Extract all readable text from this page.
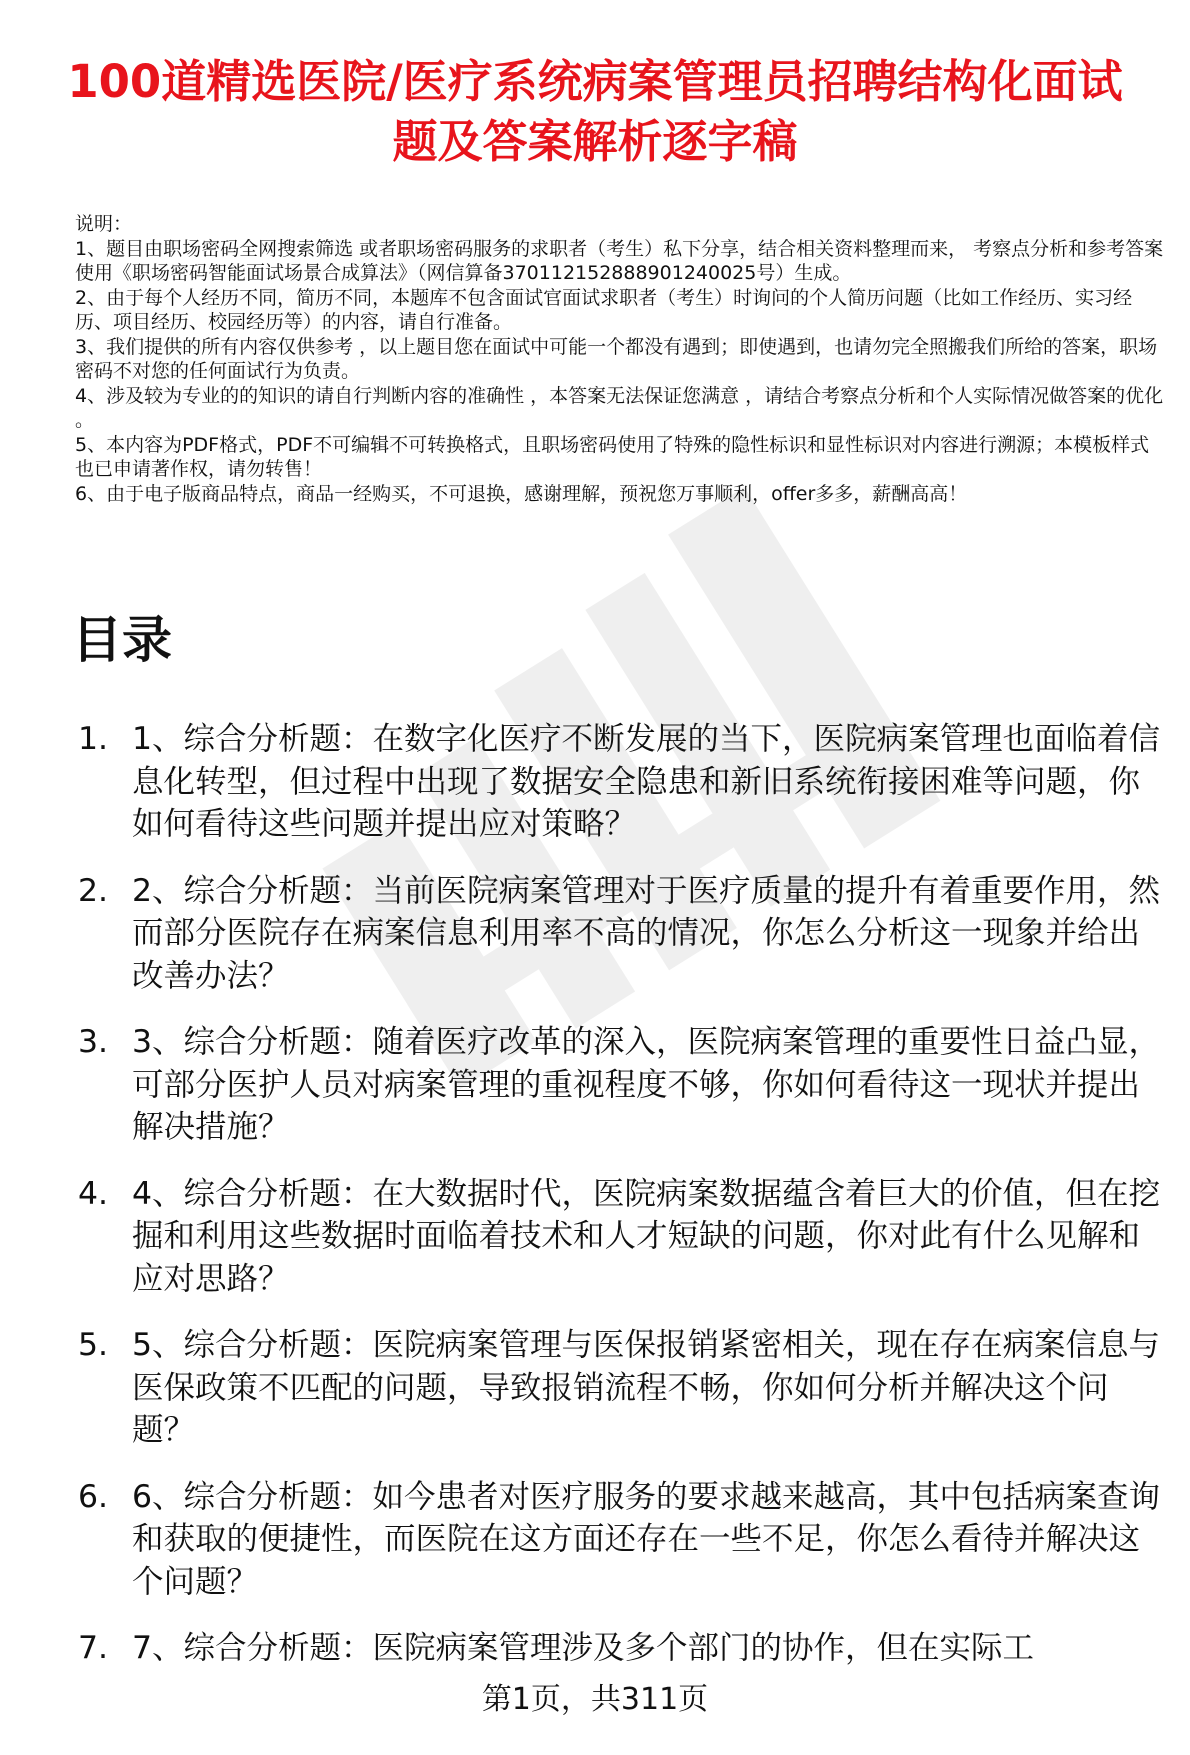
100道精选医院/医疗系统病案管理员招聘结构化面试题及答案解析逐字稿

说明：

1、题目由职场密码全网搜索筛选 或者职场密码服务的求职者（考生）私下分享，结合相关资料整理而来， 考察点分析和参考答案使用《职场密码智能面试场景合成算法》（网信算备370112152888901240025号）生成。

2、由于每个人经历不同，简历不同，本题库不包含面试官面试求职者（考生）时询问的个人简历问题（比如工作经历、实习经历、项目经历、校园经历等）的内容，请自行准备。

3、我们提供的所有内容仅供参考 ，以上题目您在面试中可能一个都没有遇到；即使遇到，也请勿完全照搬我们所给的答案，职场密码不对您的任何面试行为负责。

4、涉及较为专业的的知识的请自行判断内容的准确性 ，本答案无法保证您满意 ，请结合考察点分析和个人实际情况做答案的优化 。

5、本内容为PDF格式，PDF不可编辑不可转换格式，且职场密码使用了特殊的隐性标识和显性标识对内容进行溯源；本模板样式也已申请著作权，请勿转售！

6、由于电子版商品特点，商品一经购买，不可退换，感谢理解，预祝您万事顺利，offer多多，薪酬高高！

目录
1. 1、综合分析题：在数字化医疗不断发展的当下，医院病案管理也面临着信息化转型，但过程中出现了数据安全隐患和新旧系统衔接困难等问题，你如何看待这些问题并提出应对策略？
2. 2、综合分析题：当前医院病案管理对于医疗质量的提升有着重要作用，然而部分医院存在病案信息利用率不高的情况，你怎么分析这一现象并给出改善办法？
3. 3、综合分析题：随着医疗改革的深入，医院病案管理的重要性日益凸显，可部分医护人员对病案管理的重视程度不够，你如何看待这一现状并提出解决措施？
4. 4、综合分析题：在大数据时代，医院病案数据蕴含着巨大的价值，但在挖掘和利用这些数据时面临着技术和人才短缺的问题，你对此有什么见解和应对思路？
5. 5、综合分析题：医院病案管理与医保报销紧密相关，现在存在病案信息与医保政策不匹配的问题，导致报销流程不畅，你如何分析并解决这个问题？
6. 6、综合分析题：如今患者对医疗服务的要求越来越高，其中包括病案查询和获取的便捷性，而医院在这方面还存在一些不足，你怎么看待并解决这个问题？
7. 7、综合分析题：医院病案管理涉及多个部门的协作，但在实际工
第1页，共311页
